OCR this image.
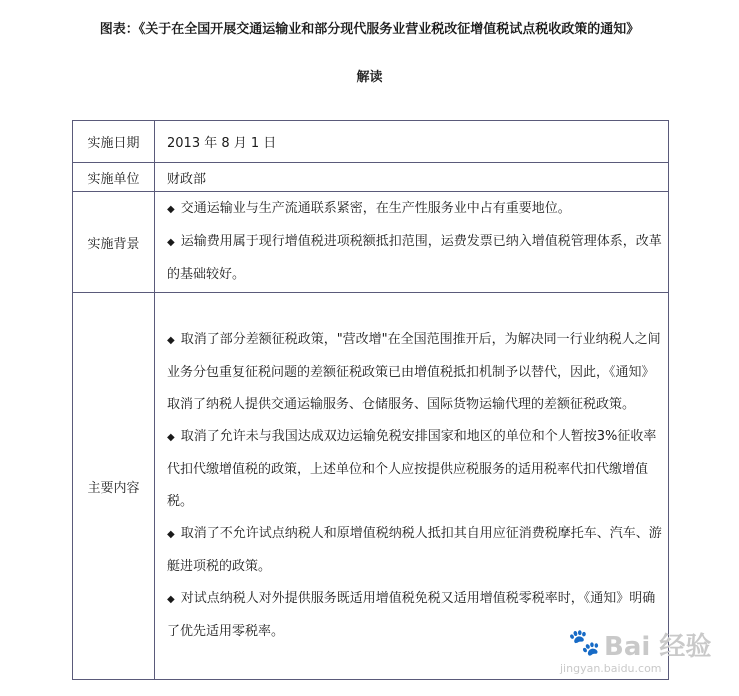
图表：《关于在全国开展交通运输业和部分现代服务业营业税改征增值税试点税收政策的通知》
解读
实施日期	2013 年 8 月 1 日
实施单位	财政部
实施背景	◆ 交通运输业与生产流通联系紧密，在生产性服务业中占有重要地位。

◆ 运输费用属于现行增值税进项税额抵扣范围，运费发票已纳入增值税管理体系，改革的基础较好。

主要内容	◆ 取消了部分差额征税政策，"营改增"在全国范围推开后，为解决同一行业纳税人之间业务分包重复征税问题的差额征税政策已由增值税抵扣机制予以替代，因此，《通知》取消了纳税人提供交通运输服务、仓储服务、国际货物运输代理的差额征税政策。

◆ 取消了允许未与我国达成双边运输免税安排国家和地区的单位和个人暂按3%征收率代扣代缴增值税的政策，上述单位和个人应按提供应税服务的适用税率代扣代缴增值税。

◆ 取消了不允许试点纳税人和原增值税纳税人抵扣其自用应征消费税摩托车、汽车、游艇进项税的政策。

◆ 对试点纳税人对外提供服务既适用增值税免税又适用增值税零税率时，《通知》明确了优先适用零税率。	🐾 Bai 经验
jingyan.baidu.com
